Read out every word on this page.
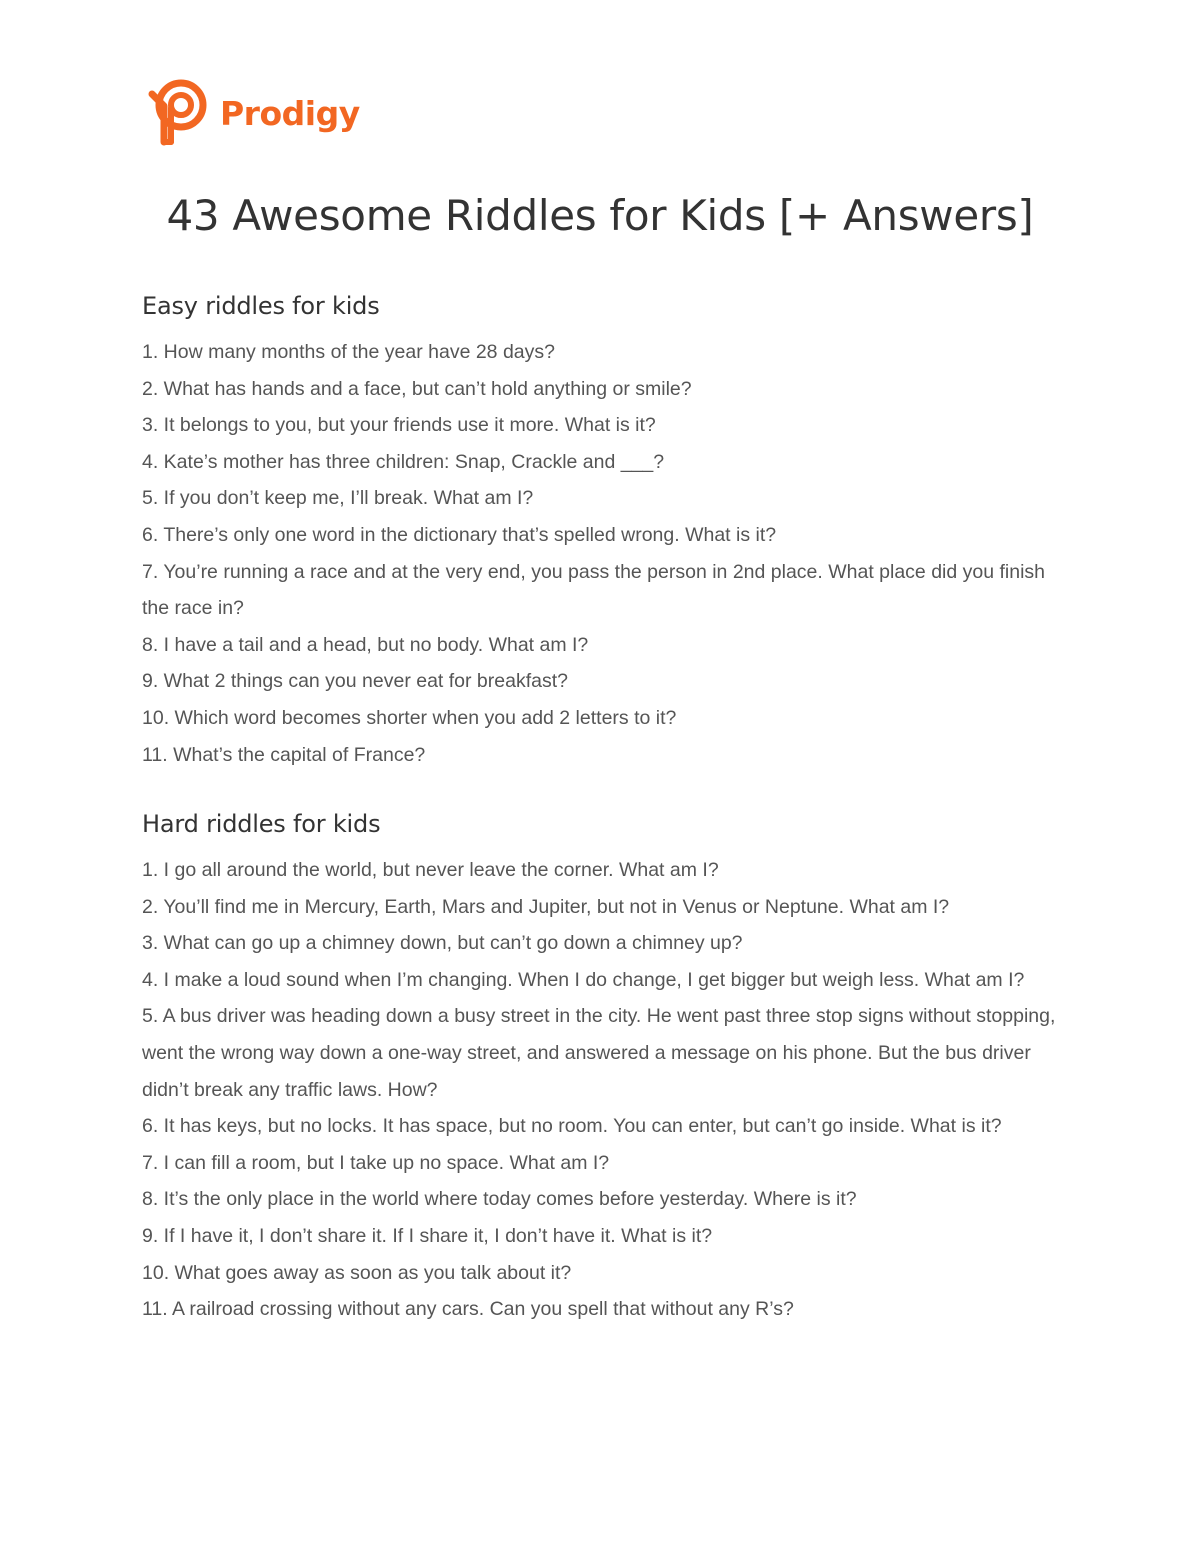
Prodigy
43 Awesome Riddles for Kids [+ Answers]
Easy riddles for kids
1. How many months of the year have 28 days?
2. What has hands and a face, but can’t hold anything or smile?
3. It belongs to you, but your friends use it more. What is it?
4. Kate’s mother has three children: Snap, Crackle and ___?
5. If you don’t keep me, I’ll break. What am I?
6. There’s only one word in the dictionary that’s spelled wrong. What is it?
7. You’re running a race and at the very end, you pass the person in 2nd place. What place did you finish the race in?
8. I have a tail and a head, but no body. What am I?
9. What 2 things can you never eat for breakfast?
10. Which word becomes shorter when you add 2 letters to it?
11. What’s the capital of France?
Hard riddles for kids
1. I go all around the world, but never leave the corner. What am I?
2. You’ll find me in Mercury, Earth, Mars and Jupiter, but not in Venus or Neptune. What am I?
3. What can go up a chimney down, but can’t go down a chimney up?
4. I make a loud sound when I’m changing. When I do change, I get bigger but weigh less. What am I?
5. A bus driver was heading down a busy street in the city. He went past three stop signs without stopping, went the wrong way down a one-way street, and answered a message on his phone. But the bus driver didn’t break any traffic laws. How?
6. It has keys, but no locks. It has space, but no room. You can enter, but can’t go inside. What is it?
7. I can fill a room, but I take up no space. What am I?
8. It’s the only place in the world where today comes before yesterday. Where is it?
9. If I have it, I don’t share it. If I share it, I don’t have it. What is it?
10. What goes away as soon as you talk about it?
11. A railroad crossing without any cars. Can you spell that without any R’s?
